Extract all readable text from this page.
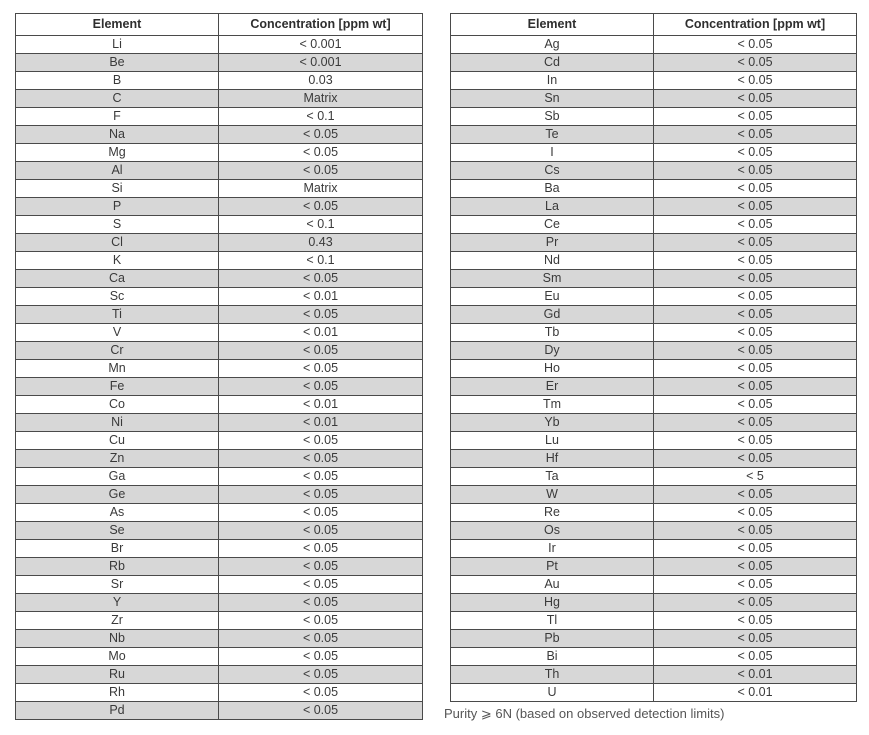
Element	Concentration [ppm wt]
Li	< 0.001
Be	< 0.001
B	0.03
C	Matrix
F	< 0.1
Na	< 0.05
Mg	< 0.05
Al	< 0.05
Si	Matrix
P	< 0.05
S	< 0.1
Cl	0.43
K	< 0.1
Ca	< 0.05
Sc	< 0.01
Ti	< 0.05
V	< 0.01
Cr	< 0.05
Mn	< 0.05
Fe	< 0.05
Co	< 0.01
Ni	< 0.01
Cu	< 0.05
Zn	< 0.05
Ga	< 0.05
Ge	< 0.05
As	< 0.05
Se	< 0.05
Br	< 0.05
Rb	< 0.05
Sr	< 0.05
Y	< 0.05
Zr	< 0.05
Nb	< 0.05
Mo	< 0.05
Ru	< 0.05
Rh	< 0.05
Pd	< 0.05
Element	Concentration [ppm wt]
Ag	< 0.05
Cd	< 0.05
In	< 0.05
Sn	< 0.05
Sb	< 0.05
Te	< 0.05
I	< 0.05
Cs	< 0.05
Ba	< 0.05
La	< 0.05
Ce	< 0.05
Pr	< 0.05
Nd	< 0.05
Sm	< 0.05
Eu	< 0.05
Gd	< 0.05
Tb	< 0.05
Dy	< 0.05
Ho	< 0.05
Er	< 0.05
Tm	< 0.05
Yb	< 0.05
Lu	< 0.05
Hf	< 0.05
Ta	< 5
W	< 0.05
Re	< 0.05
Os	< 0.05
Ir	< 0.05
Pt	< 0.05
Au	< 0.05
Hg	< 0.05
Tl	< 0.05
Pb	< 0.05
Bi	< 0.05
Th	< 0.01
U	< 0.01
Purity ⩾ 6N (based on observed detection limits)
